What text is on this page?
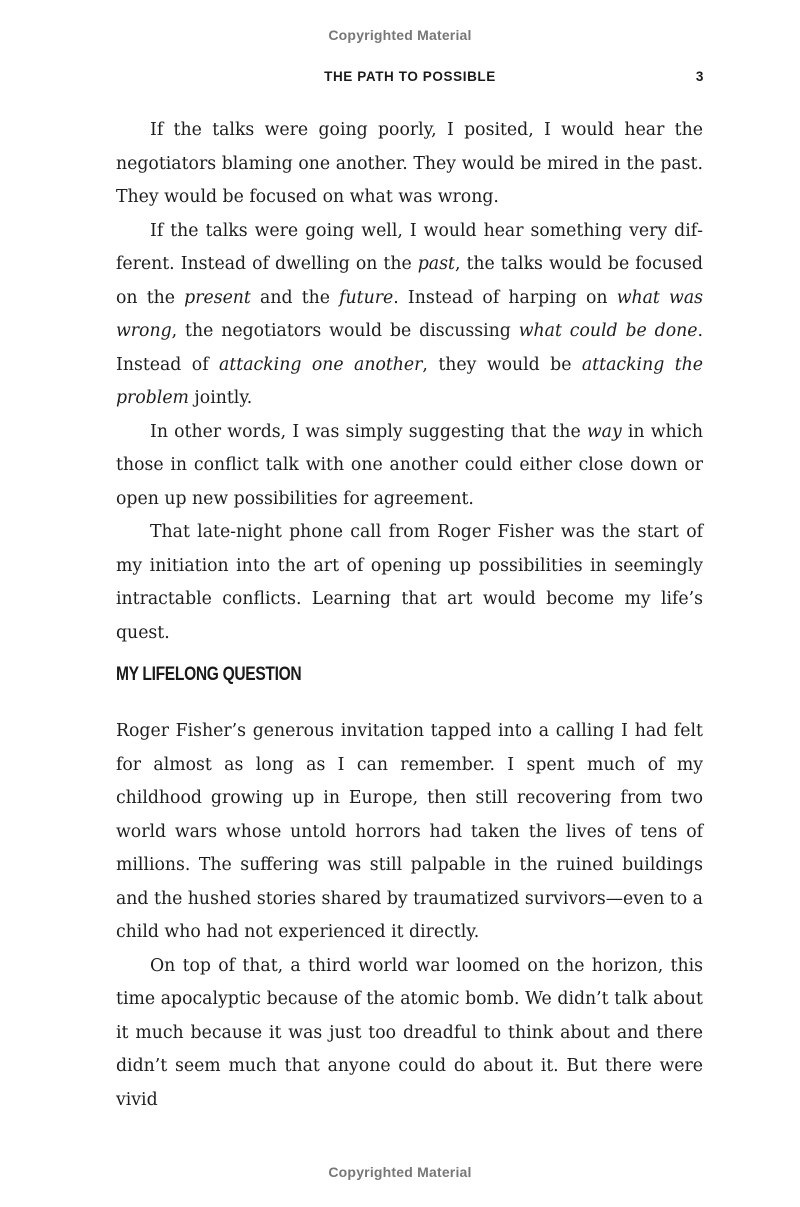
Copyrighted Material
THE PATH TO POSSIBLE	3

If the talks were going poorly, I posited, I would hear the negotiators blaming one another. They would be mired in the past. They would be focused on what was wrong.

If the talks were going well, I would hear something very different. Instead of dwelling on the past, the talks would be focused on the present and the future. Instead of harping on what was wrong, the negotiators would be discussing what could be done. Instead of attacking one another, they would be attacking the problem jointly.

In other words, I was simply suggesting that the way in which those in conflict talk with one another could either close down or open up new possibilities for agreement.

That late-night phone call from Roger Fisher was the start of my initiation into the art of opening up possibilities in seemingly intractable conflicts. Learning that art would become my life’s quest.

MY LIFELONG QUESTION

Roger Fisher’s generous invitation tapped into a calling I had felt for almost as long as I can remember. I spent much of my childhood growing up in Europe, then still recovering from two world wars whose untold horrors had taken the lives of tens of millions. The suffering was still palpable in the ruined buildings and the hushed stories shared by traumatized survivors—even to a child who had not experienced it directly.

On top of that, a third world war loomed on the horizon, this time apocalyptic because of the atomic bomb. We didn’t talk about it much because it was just too dreadful to think about and there didn’t seem much that anyone could do about it. But there were vivid

Copyrighted Material
